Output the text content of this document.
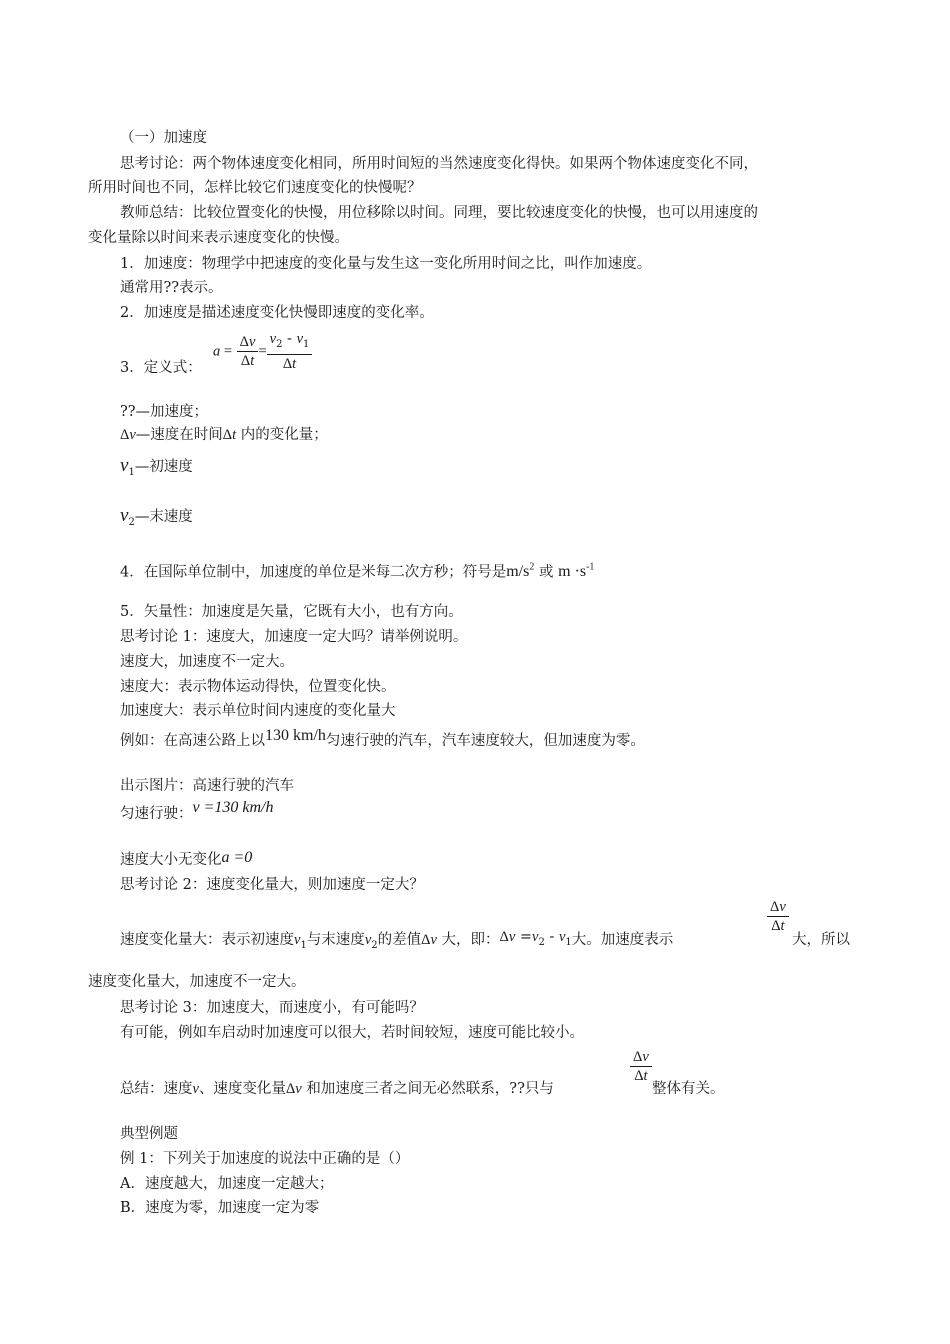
（一）加速度
思考讨论：两个物体速度变化相同，所用时间短的当然速度变化得快。如果两个物体速度变化不同，
所用时间也不同，怎样比较它们速度变化的快慢呢？
教师总结：比较位置变化的快慢，用位移除以时间。同理，要比较速度变化的快慢，也可以用速度的
变化量除以时间来表示速度变化的快慢。
1．加速度：物理学中把速度的变化量与发生这一变化所用时间之比，叫作加速度。
通常用??表示。
2．加速度是描述速度变化快慢即速度的变化率。
3．定义式：
$a = \frac{\Delta v}{\Delta t} = \frac{v_2 - v_1}{\Delta t}$
??—加速度；
Δv—速度在时间Δt 内的变化量；
$v_1—$初速度
$v_2—$末速度
4．在国际单位制中，加速度的单位是米每二次方秒；符号是$m/s^2$ 或 $m \cdot s^{-1}$
5．矢量性：加速度是矢量，它既有大小，也有方向。
思考讨论 1：速度大，加速度一定大吗？请举例说明。
速度大，加速度不一定大。
速度大：表示物体运动得快，位置变化快。
加速度大：表示单位时间内速度的变化量大
例如：在高速公路上以130 km/h匀速行驶的汽车，汽车速度较大，但加速度为零。
出示图片：高速行驶的汽车
匀速行驶：v =130 km/h
速度大小无变化a =0
思考讨论 2：速度变化量大，则加速度一定大？
速度变化量大：表示初速度$v_1$与末速度$v_2$的差值Δv 大，即：$\Delta v =v_2 - v_1$大。加速度表示
$\frac{\Delta v}{\Delta t}$
大，所以
速度变化量大，加速度不一定大。
思考讨论 3：加速度大，而速度小，有可能吗？
有可能，例如车启动时加速度可以很大，若时间较短，速度可能比较小。
总结：速度v、速度变化量Δv 和加速度三者之间无必然联系，??只与
$\frac{\Delta v}{\Delta t}$
整体有关。
典型例题
例 1：下列关于加速度的说法中正确的是（）
A．速度越大，加速度一定越大；
B．速度为零，加速度一定为零
